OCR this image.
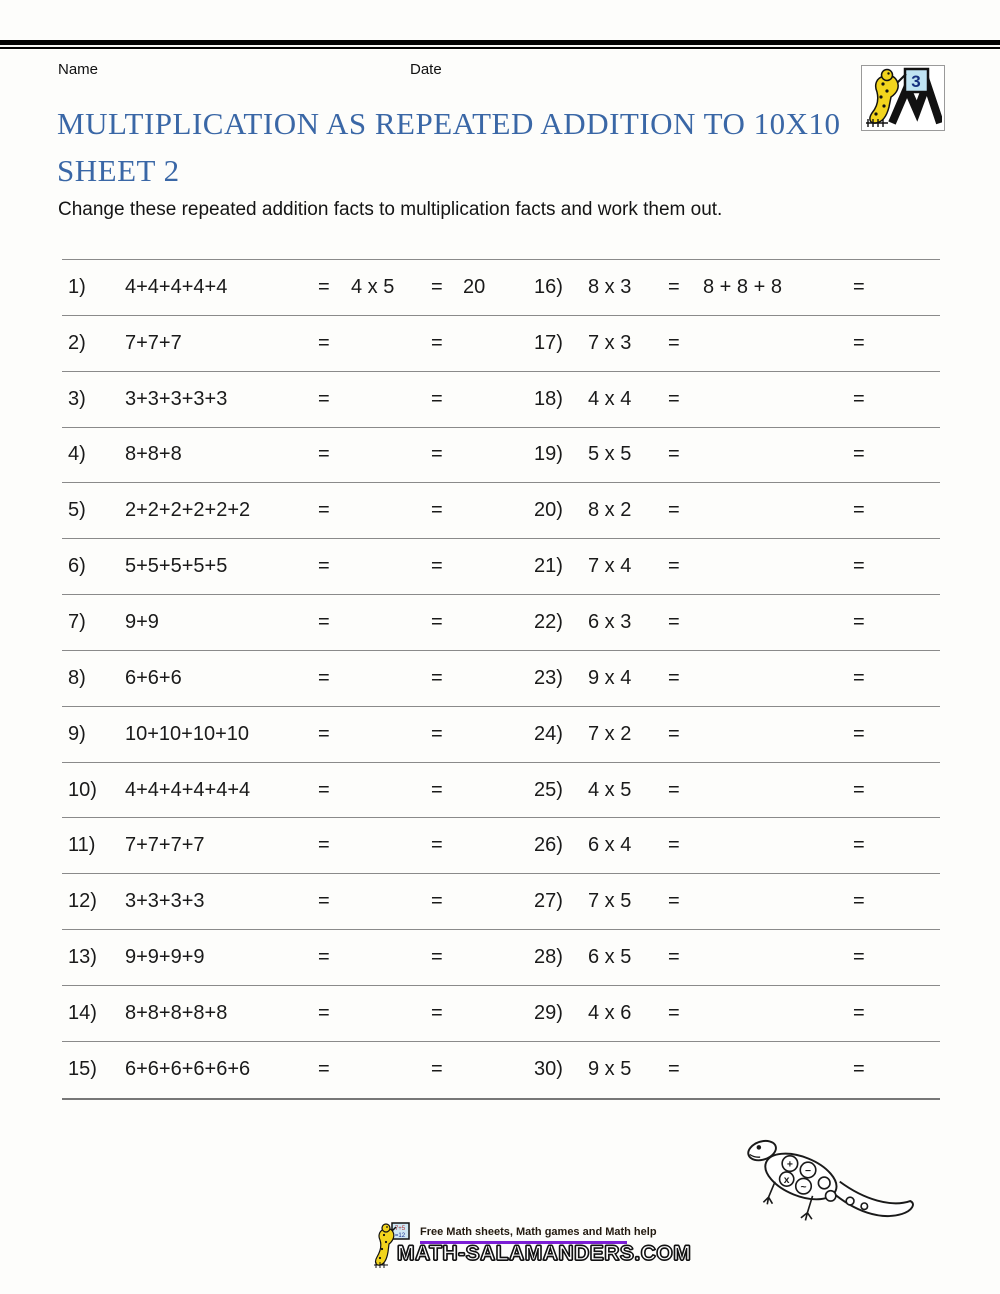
Name	Date
3
MULTIPLICATION AS REPEATED ADDITION TO 10X10
SHEET 2
Change these repeated addition facts to multiplication facts and work them out.
1)	4+4+4+4+4	=	4 x 5	=	20	16)	8 x 3	=	8 + 8 + 8	=
2)	7+7+7	=	=	17)	7 x 3	=	=
3)	3+3+3+3+3	=	=	18)	4 x 4	=	=
4)	8+8+8	=	=	19)	5 x 5	=	=
5)	2+2+2+2+2+2	=	=	20)	8 x 2	=	=
6)	5+5+5+5+5	=	=	21)	7 x 4	=	=
7)	9+9	=	=	22)	6 x 3	=	=
8)	6+6+6	=	=	23)	9 x 4	=	=
9)	10+10+10+10	=	=	24)	7 x 2	=	=
10)	4+4+4+4+4+4	=	=	25)	4 x 5	=	=
11)	7+7+7+7	=	=	26)	6 x 4	=	=
12)	3+3+3+3	=	=	27)	7 x 5	=	=
13)	9+9+9+9	=	=	28)	6 x 5	=	=
14)	8+8+8+8+8	=	=	29)	4 x 6	=	=
15)	6+6+6+6+6+6	=	=	30)	9 x 5	=	=
+
−
x
~
7+5
=12 Free Math sheets, Math games and Math help
MATH-SALAMANDERS.COM
